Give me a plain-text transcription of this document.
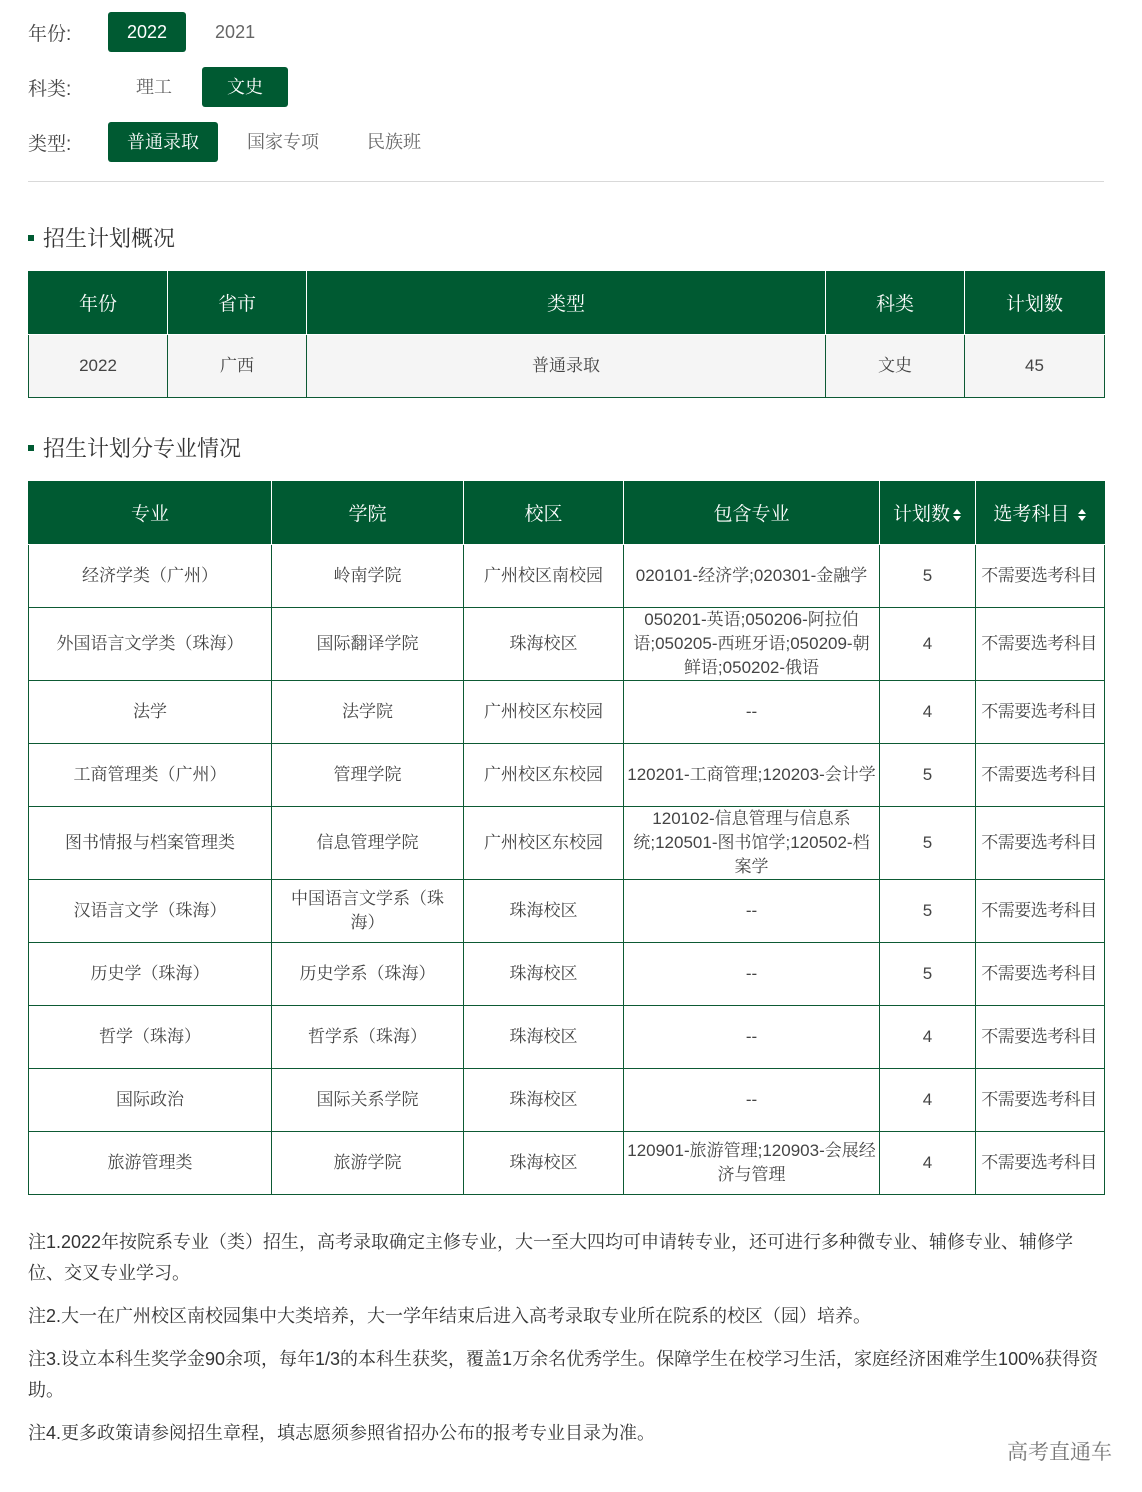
年份:	2022	2021
科类:	理工	文史
类型:	普通录取	国家专项	民族班
招生计划概况
年份	省市	类型	科类	计划数
2022	广西	普通录取	文史	45
招生计划分专业情况
专业	学院	校区	包含专业	计划数	选考科目
经济学类（广州）	岭南学院	广州校区南校园	020101-经济学;020301-金融学	5	不需要选考科目
外国语言文学类（珠海）	国际翻译学院	珠海校区	050201-英语;050206-阿拉伯语;050205-西班牙语;050209-朝鲜语;050202-俄语	4	不需要选考科目
法学	法学院	广州校区东校园	--	4	不需要选考科目
工商管理类（广州）	管理学院	广州校区东校园	120201-工商管理;120203-会计学	5	不需要选考科目
图书情报与档案管理类	信息管理学院	广州校区东校园	120102-信息管理与信息系统;120501-图书馆学;120502-档案学	5	不需要选考科目
汉语言文学（珠海）	中国语言文学系（珠海）	珠海校区	--	5	不需要选考科目
历史学（珠海）	历史学系（珠海）	珠海校区	--	5	不需要选考科目
哲学（珠海）	哲学系（珠海）	珠海校区	--	4	不需要选考科目
国际政治	国际关系学院	珠海校区	--	4	不需要选考科目
旅游管理类	旅游学院	珠海校区	120901-旅游管理;120903-会展经济与管理	4	不需要选考科目

注1.2022年按院系专业（类）招生，高考录取确定主修专业，大一至大四均可申请转专业，还可进行多种微专业、辅修专业、辅修学位、交叉专业学习。

注2.大一在广州校区南校园集中大类培养，大一学年结束后进入高考录取专业所在院系的校区（园）培养。

注3.设立本科生奖学金90余项，每年1/3的本科生获奖，覆盖1万余名优秀学生。保障学生在校学习生活，家庭经济困难学生100%获得资助。

注4.更多政策请参阅招生章程，填志愿须参照省招办公布的报考专业目录为准。

高考直通车
